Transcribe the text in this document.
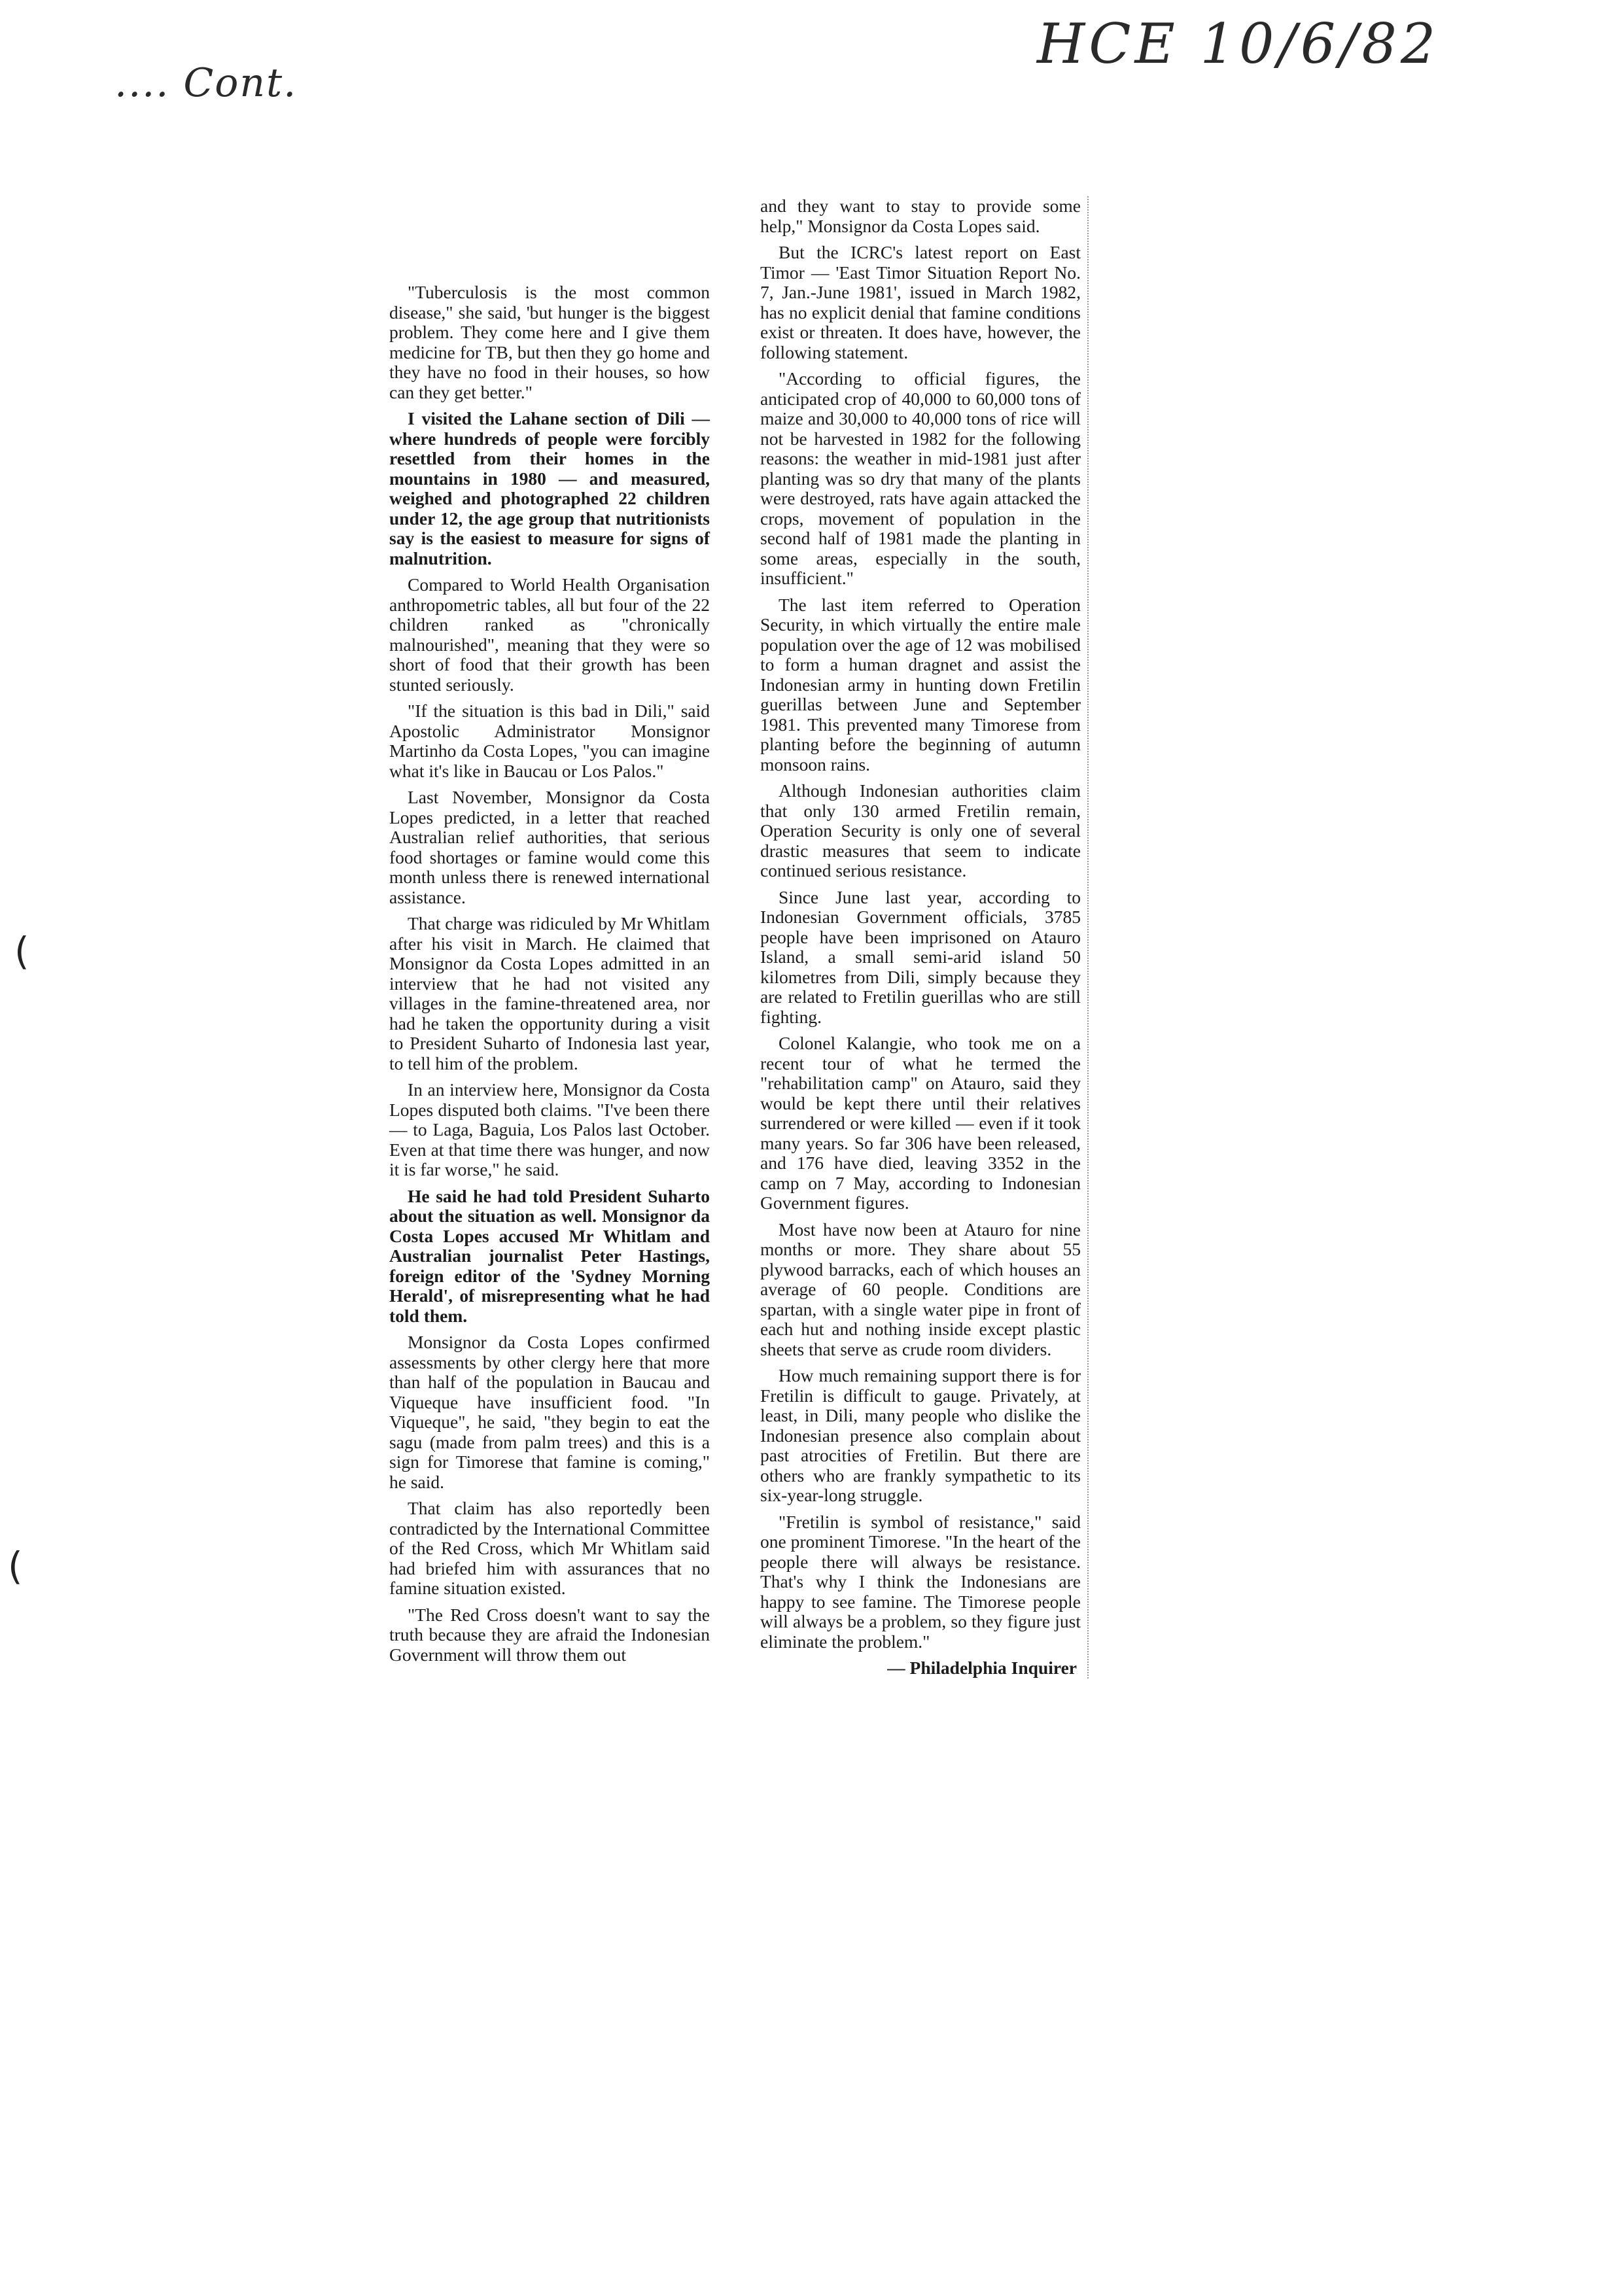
.... Cont.
HCE 10/6/82

"Tuberculosis is the most common disease," she said, 'but hunger is the biggest problem. They come here and I give them medicine for TB, but then they go home and they have no food in their houses, so how can they get better."

I visited the Lahane section of Dili — where hundreds of people were forcibly resettled from their homes in the mountains in 1980 — and measured, weighed and photographed 22 children under 12, the age group that nutritionists say is the easiest to measure for signs of malnutrition.

Compared to World Health Organisation anthropometric tables, all but four of the 22 children ranked as "chronically malnourished", meaning that they were so short of food that their growth has been stunted seriously.

"If the situation is this bad in Dili," said Apostolic Administrator Monsignor Martinho da Costa Lopes, "you can imagine what it's like in Baucau or Los Palos."

Last November, Monsignor da Costa Lopes predicted, in a letter that reached Australian relief authorities, that serious food shortages or famine would come this month unless there is renewed international assistance.

That charge was ridiculed by Mr Whitlam after his visit in March. He claimed that Monsignor da Costa Lopes admitted in an interview that he had not visited any villages in the famine-threatened area, nor had he taken the opportunity during a visit to President Suharto of Indonesia last year, to tell him of the problem.

In an interview here, Monsignor da Costa Lopes disputed both claims. "I've been there — to Laga, Baguia, Los Palos last October. Even at that time there was hunger, and now it is far worse," he said.

He said he had told President Suharto about the situation as well. Monsignor da Costa Lopes accused Mr Whitlam and Australian journalist Peter Hastings, foreign editor of the 'Sydney Morning Herald', of misrepresenting what he had told them.

Monsignor da Costa Lopes confirmed assessments by other clergy here that more than half of the population in Baucau and Viqueque have insufficient food. "In Viqueque", he said, "they begin to eat the sagu (made from palm trees) and this is a sign for Timorese that famine is coming," he said.

That claim has also reportedly been contradicted by the International Committee of the Red Cross, which Mr Whitlam said had briefed him with assurances that no famine situation existed.

"The Red Cross doesn't want to say the truth because they are afraid the Indonesian Government will throw them out

and they want to stay to provide some help," Monsignor da Costa Lopes said.

But the ICRC's latest report on East Timor — 'East Timor Situation Report No. 7, Jan.-June 1981', issued in March 1982, has no explicit denial that famine conditions exist or threaten. It does have, however, the following statement.

"According to official figures, the anticipated crop of 40,000 to 60,000 tons of maize and 30,000 to 40,000 tons of rice will not be harvested in 1982 for the following reasons: the weather in mid-1981 just after planting was so dry that many of the plants were destroyed, rats have again attacked the crops, movement of population in the second half of 1981 made the planting in some areas, especially in the south, insufficient."

The last item referred to Operation Security, in which virtually the entire male population over the age of 12 was mobilised to form a human dragnet and assist the Indonesian army in hunting down Fretilin guerillas between June and September 1981. This prevented many Timorese from planting before the beginning of autumn monsoon rains.

Although Indonesian authorities claim that only 130 armed Fretilin remain, Operation Security is only one of several drastic measures that seem to indicate continued serious resistance.

Since June last year, according to Indonesian Government officials, 3785 people have been imprisoned on Atauro Island, a small semi-arid island 50 kilometres from Dili, simply because they are related to Fretilin guerillas who are still fighting.

Colonel Kalangie, who took me on a recent tour of what he termed the "rehabilitation camp" on Atauro, said they would be kept there until their relatives surrendered or were killed — even if it took many years. So far 306 have been released, and 176 have died, leaving 3352 in the camp on 7 May, according to Indonesian Government figures.

Most have now been at Atauro for nine months or more. They share about 55 plywood barracks, each of which houses an average of 60 people. Conditions are spartan, with a single water pipe in front of each hut and nothing inside except plastic sheets that serve as crude room dividers.

How much remaining support there is for Fretilin is difficult to gauge. Privately, at least, in Dili, many people who dislike the Indonesian presence also complain about past atrocities of Fretilin. But there are others who are frankly sympathetic to its six-year-long struggle.

"Fretilin is symbol of resistance," said one prominent Timorese. "In the heart of the people there will always be resistance. That's why I think the Indonesians are happy to see famine. The Timorese people will always be a problem, so they figure just eliminate the problem."

— Philadelphia Inquirer
(
(
